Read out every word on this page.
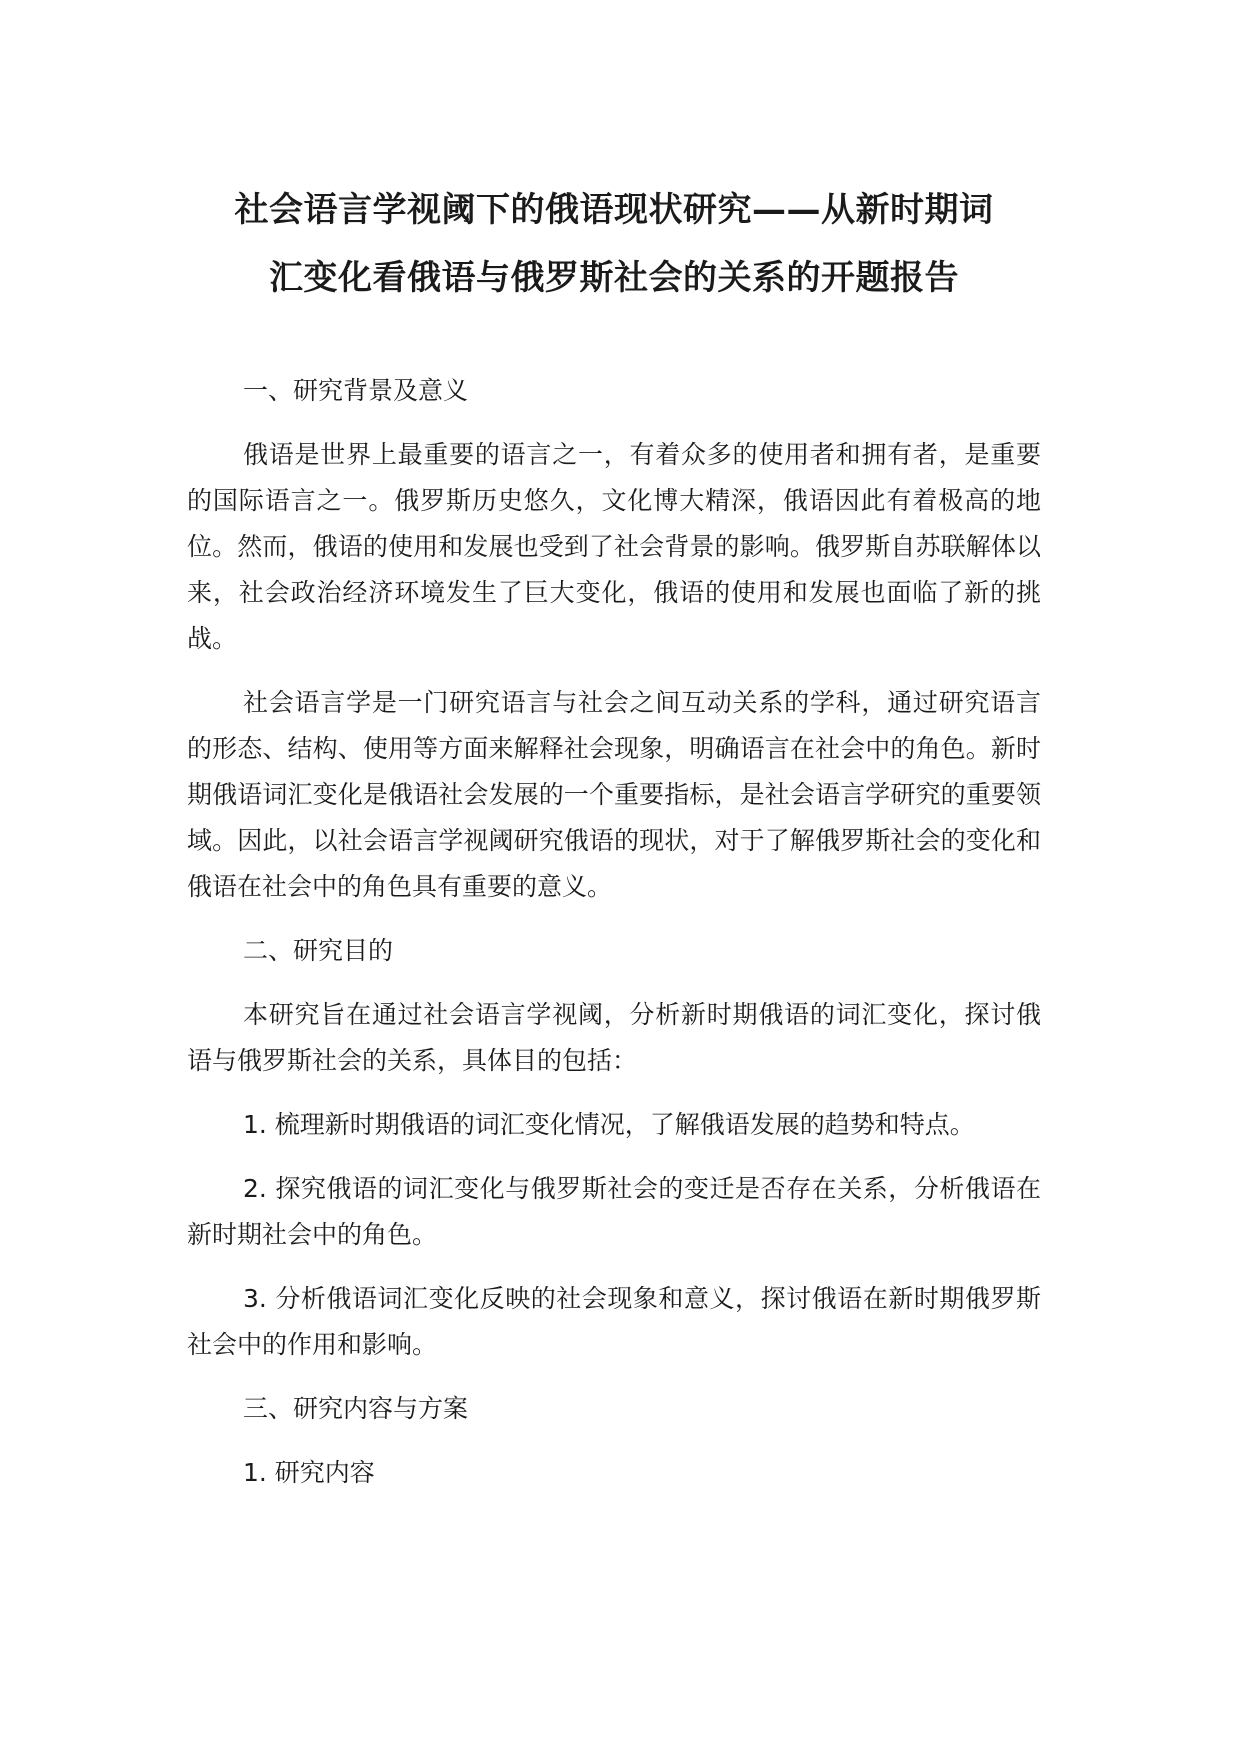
社会语言学视阈下的俄语现状研究——从新时期词
汇变化看俄语与俄罗斯社会的关系的开题报告

一、研究背景及意义

俄语是世界上最重要的语言之一，有着众多的使用者和拥有者，是重要的国际语言之一。俄罗斯历史悠久，文化博大精深，俄语因此有着极高的地位。然而，俄语的使用和发展也受到了社会背景的影响。俄罗斯自苏联解体以来，社会政治经济环境发生了巨大变化，俄语的使用和发展也面临了新的挑战。

社会语言学是一门研究语言与社会之间互动关系的学科，通过研究语言的形态、结构、使用等方面来解释社会现象，明确语言在社会中的角色。新时期俄语词汇变化是俄语社会发展的一个重要指标，是社会语言学研究的重要领域。因此，以社会语言学视阈研究俄语的现状，对于了解俄罗斯社会的变化和俄语在社会中的角色具有重要的意义。

二、研究目的

本研究旨在通过社会语言学视阈，分析新时期俄语的词汇变化，探讨俄语与俄罗斯社会的关系，具体目的包括：

1. 梳理新时期俄语的词汇变化情况，了解俄语发展的趋势和特点。

2. 探究俄语的词汇变化与俄罗斯社会的变迁是否存在关系，分析俄语在新时期社会中的角色。

3. 分析俄语词汇变化反映的社会现象和意义，探讨俄语在新时期俄罗斯社会中的作用和影响。

三、研究内容与方案

1. 研究内容
